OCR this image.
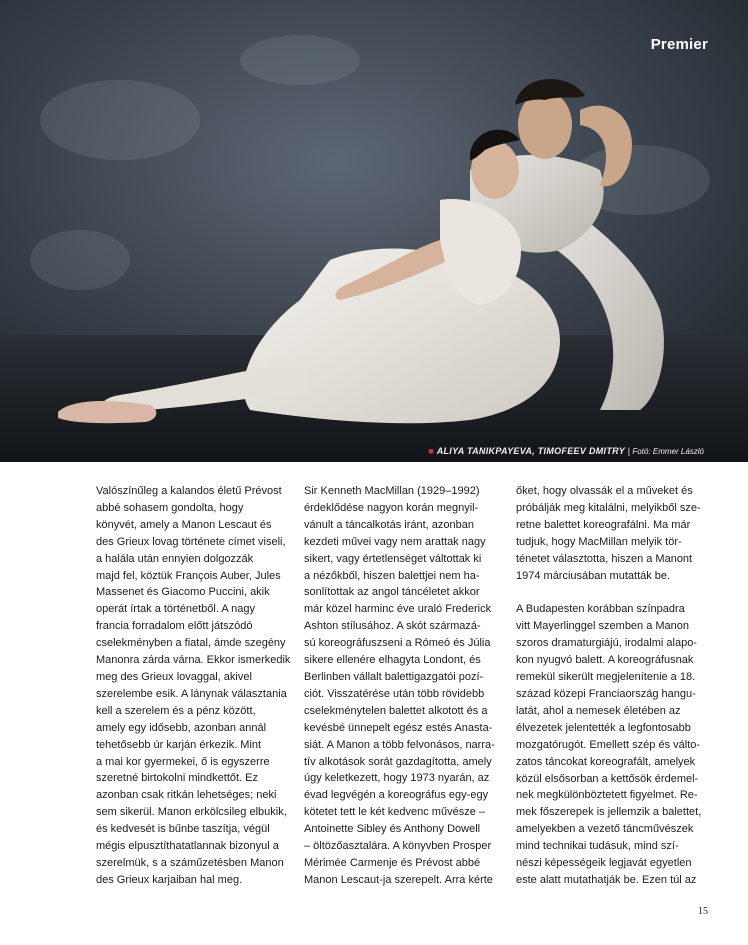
Premier
■ ALIYA TANIKPAYEVA, TIMOFEEV DMITRY | Fotó: Emmer László

Valószínűleg a kalandos életű Prévost
abbé sohasem gondolta, hogy
könyvét, amely a Manon Lescaut és
des Grieux lovag története címet viseli,
a halála után ennyien dolgozzák
majd fel, köztük François Auber, Jules
Massenet és Giacomo Puccini, akik
operát írtak a történetből. A nagy
francia forradalom előtt játszódó
cselekményben a fiatal, ámde szegény
Manonra zárda várna. Ekkor ismerkedik
meg des Grieux lovaggal, akivel
szerelembe esik. A lánynak választania
kell a szerelem és a pénz között,
amely egy idősebb, azonban annál
tehetősebb úr karján érkezik. Mint
a mai kor gyermekei, ő is egyszerre
szeretné birtokolni mindkettőt. Ez
azonban csak ritkán lehetséges; neki
sem sikerül. Manon erkölcsileg elbukik,
és kedvesét is bűnbe taszítja, végül
mégis elpusztíthatatlannak bizonyul a
szerelmük, s a száműzetésben Manon
des Grieux karjaiban hal meg.

Sir Kenneth MacMillan (1929–1992)
érdeklődése nagyon korán megnyil-
vánult a táncalkotás iránt, azonban
kezdeti művei vagy nem arattak nagy
sikert, vagy értetlenséget váltottak ki
a nézőkből, hiszen balettjei nem ha-
sonlítottak az angol táncéletet akkor
már közel harminc éve uraló Frederick
Ashton stílusához. A skót származá-
sú koreográfuszseni a Rómeó és Júlia
sikere ellenére elhagyta Londont, és
Berlinben vállalt balettigazgatói pozí-
ciót. Visszatérése után több rövidebb
cselekménytelen balettet alkotott és a
kevésbé ünnepelt egész estés Anasta-
siát. A Manon a több felvonásos, narra-
tív alkotások sorát gazdagította, amely
úgy keletkezett, hogy 1973 nyarán, az
évad legvégén a koreográfus egy-egy
kötetet tett le két kedvenc művésze –
Antoinette Sibley és Anthony Dowell
– öltözőasztalára. A könyvben Prosper
Mérimée Carmenje és Prévost abbé
Manon Lescaut-ja szerepelt. Arra kérte

őket, hogy olvassák el a műveket és
próbálják meg kitalálni, melyikből sze-
retne balettet koreografálni. Ma már
tudjuk, hogy MacMillan melyik tör-
ténetet választotta, hiszen a Manont
1974 márciusában mutatták be.

A Budapesten korábban színpadra
vitt Mayerlinggel szemben a Manon
szoros dramaturgiájú, irodalmi alapo-
kon nyugvó balett. A koreográfusnak
remekül sikerült megjelenítenie a 18.
század közepi Franciaország hangu-
latát, ahol a nemesek életében az
élvezetek jelentették a legfontosabb
mozgatórugót. Emellett szép és válto-
zatos táncokat koreografált, amelyek
közül elsősorban a kettősök érdemel-
nek megkülönböztetett figyelmet. Re-
mek főszerepek is jellemzik a balettet,
amelyekben a vezető táncművészek
mind technikai tudásuk, mind szí-
nészi képességeik legjavát egyetlen
este alatt mutathatják be. Ezen túl az

15
